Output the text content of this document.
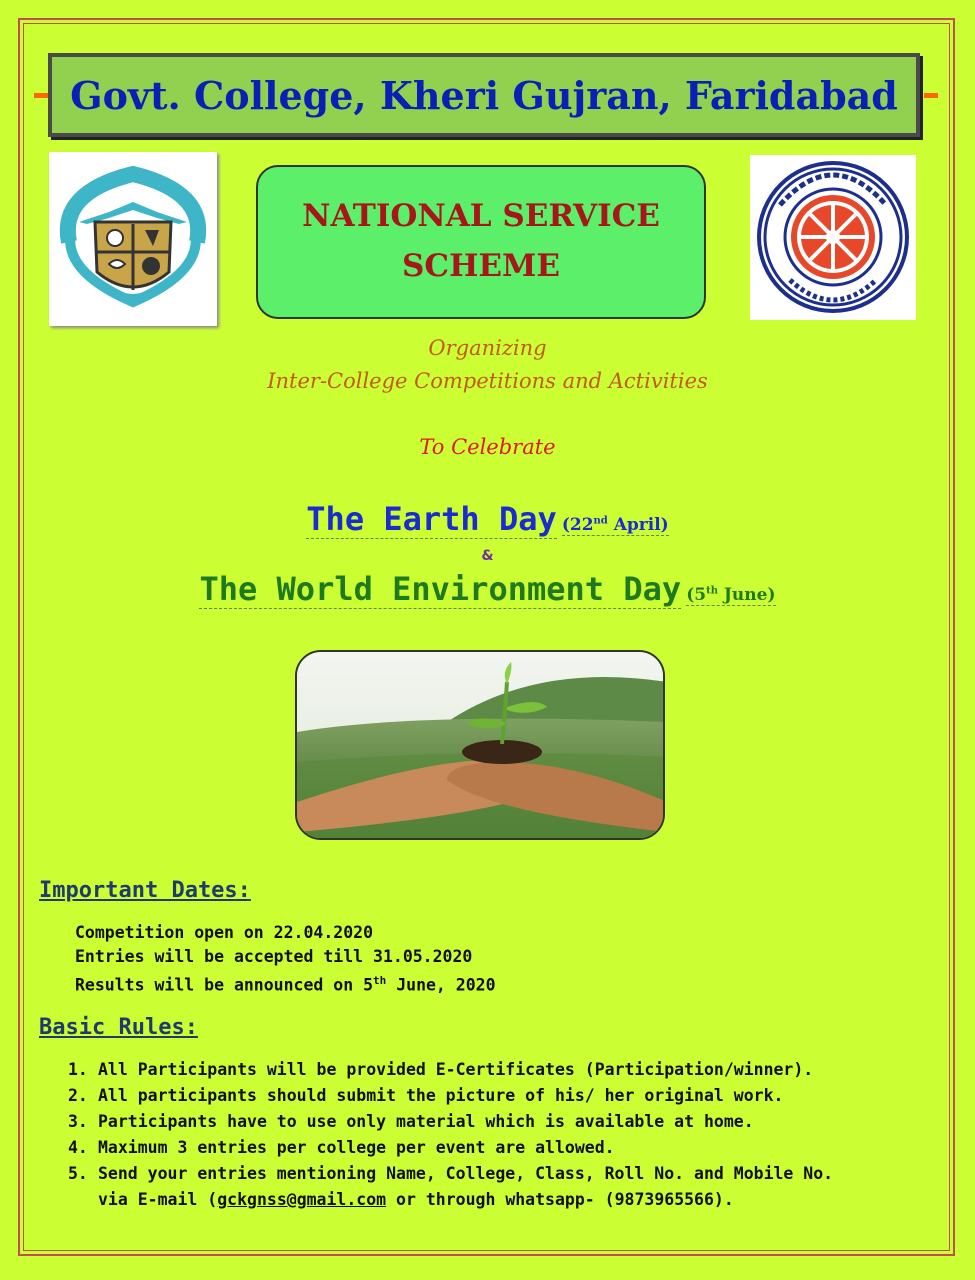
Govt. College, Kheri Gujran, Faridabad
NATIONAL SERVICE
SCHEME
Organizing
Inter-College Competitions and Activities
To Celebrate
The Earth Day (22nd April)
&
The World Environment Day (5th June)
Important Dates:
Competition open on 22.04.2020
Entries will be accepted till 31.05.2020
Results will be announced on 5th June, 2020
Basic Rules:
1. All Participants will be provided E-Certificates (Participation/winner).
2. All participants should submit the picture of his/ her original work.
3. Participants have to use only material which is available at home.
4. Maximum 3 entries per college per event are allowed.
5. Send your entries mentioning Name, College, Class, Roll No. and Mobile No.
via E-mail (gckgnss@gmail.com or through whatsapp- (9873965566).
